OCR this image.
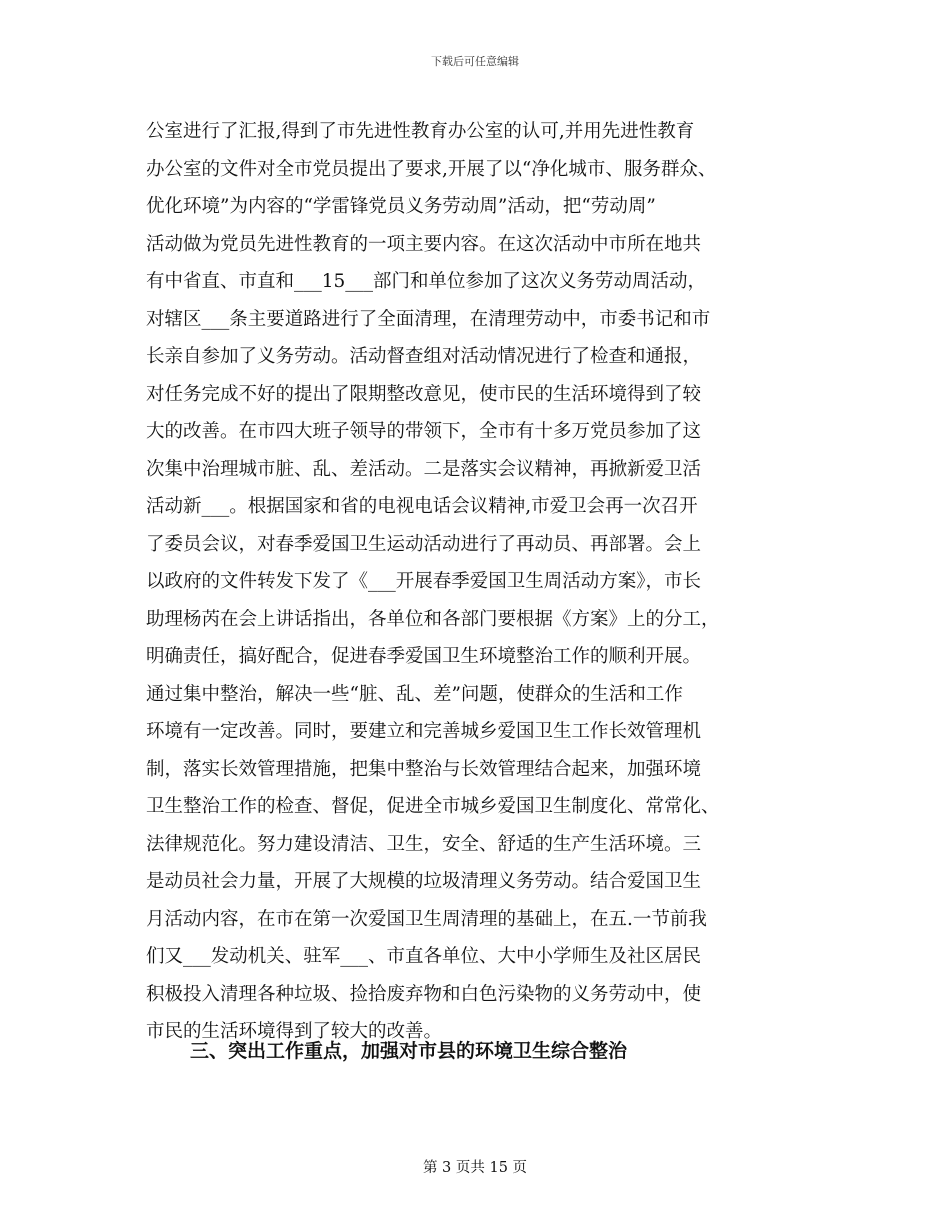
下载后可任意编辑
公室进行了汇报,得到了市先进性教育办公室的认可,并用先进性教育
办公室的文件对全市党员提出了要求,开展了以“净化城市、服务群众、
优化环境”为内容的“学雷锋党员义务劳动周”活动，把“劳动周”
活动做为党员先进性教育的一项主要内容。在这次活动中市所在地共
有中省直、市直和___15___部门和单位参加了这次义务劳动周活动，
对辖区___条主要道路进行了全面清理，在清理劳动中，市委书记和市
长亲自参加了义务劳动。活动督查组对活动情况进行了检查和通报，
对任务完成不好的提出了限期整改意见，使市民的生活环境得到了较
大的改善。在市四大班子领导的带领下，全市有十多万党员参加了这
次集中治理城市脏、乱、差活动。二是落实会议精神，再掀新爱卫活
活动新___。根据国家和省的电视电话会议精神,市爱卫会再一次召开
了委员会议，对春季爱国卫生运动活动进行了再动员、再部署。会上
以政府的文件转发下发了《___开展春季爱国卫生周活动方案》，市长
助理杨芮在会上讲话指出，各单位和各部门要根据《方案》上的分工，
明确责任，搞好配合，促进春季爱国卫生环境整治工作的顺利开展。
通过集中整治，解决一些“脏、乱、差”问题，使群众的生活和工作
环境有一定改善。同时，要建立和完善城乡爱国卫生工作长效管理机
制，落实长效管理措施，把集中整治与长效管理结合起来，加强环境
卫生整治工作的检查、督促，促进全市城乡爱国卫生制度化、常常化、
法律规范化。努力建设清洁、卫生，安全、舒适的生产生活环境。三
是动员社会力量，开展了大规模的垃圾清理义务劳动。结合爱国卫生
月活动内容，在市在第一次爱国卫生周清理的基础上，在五.一节前我
们又___发动机关、驻军___、市直各单位、大中小学师生及社区居民
积极投入清理各种垃圾、捡拾废弃物和白色污染物的义务劳动中，使
市民的生活环境得到了较大的改善。
三、突出工作重点，加强对市县的环境卫生综合整治
第 3 页共 15 页
